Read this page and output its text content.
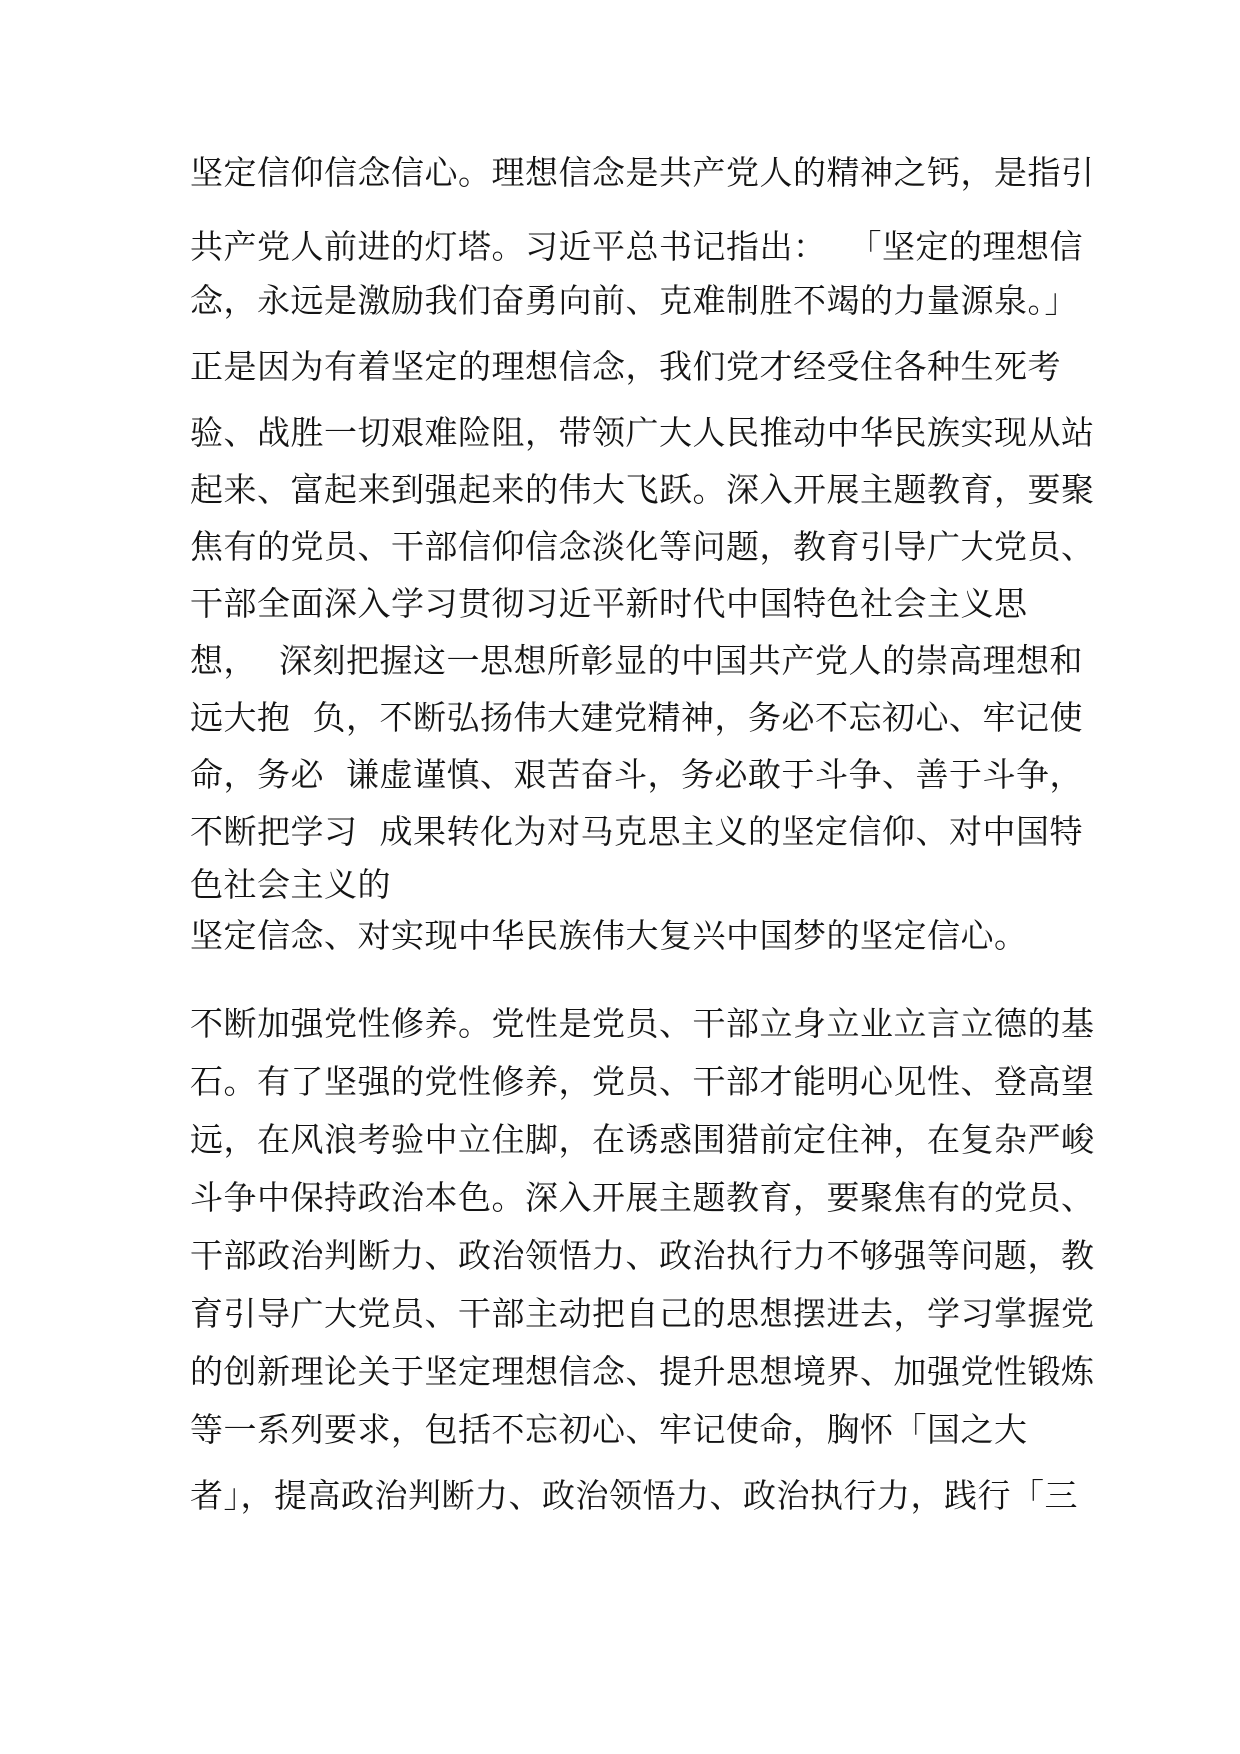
坚定信仰信念信心。理想信念是共产党人的精神之钙，是指引
共产党人前进的灯塔。习近平总书记指出：  「坚定的理想信
念，永远是激励我们奋勇向前、克难制胜不竭的力量源泉。」
正是因为有着坚定的理想信念，我们党才经受住各种生死考
验、战胜一切艰难险阻，带领广大人民推动中华民族实现从站
起来、富起来到强起来的伟大飞跃。深入开展主题教育，要聚
焦有的党员、干部信仰信念淡化等问题，教育引导广大党员、
干部全面深入学习贯彻习近平新时代中国特色社会主义思
想，  深刻把握这一思想所彰显的中国共产党人的崇高理想和
远大抱  负，不断弘扬伟大建党精神，务必不忘初心、牢记使
命，务必  谦虚谨慎、艰苦奋斗，务必敢于斗争、善于斗争，
不断把学习  成果转化为对马克思主义的坚定信仰、对中国特
色社会主义的
坚定信念、对实现中华民族伟大复兴中国梦的坚定信心。
不断加强党性修养。党性是党员、干部立身立业立言立德的基
石。有了坚强的党性修养，党员、干部才能明心见性、登高望
远，在风浪考验中立住脚，在诱惑围猎前定住神，在复杂严峻
斗争中保持政治本色。深入开展主题教育，要聚焦有的党员、
干部政治判断力、政治领悟力、政治执行力不够强等问题，教
育引导广大党员、干部主动把自己的思想摆进去，学习掌握党
的创新理论关于坚定理想信念、提升思想境界、加强党性锻炼
等一系列要求，包括不忘初心、牢记使命，胸怀「国之大
者」，提高政治判断力、政治领悟力、政治执行力，践行「三
